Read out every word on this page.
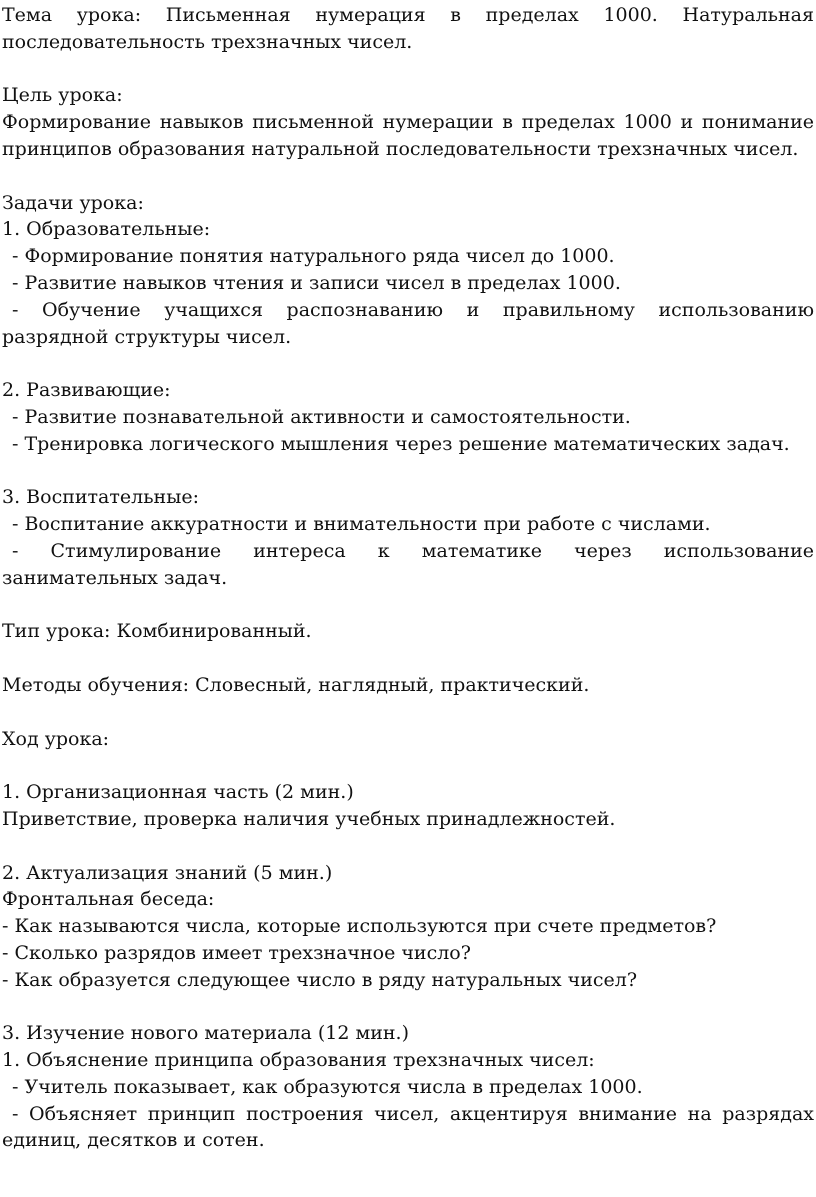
Тема урока: Письменная нумерация в пределах 1000. Натуральная последовательность трехзначных чисел.

Цель урока:

Формирование навыков письменной нумерации в пределах 1000 и понимание принципов образования натуральной последовательности трехзначных чисел.

Задачи урока:

1. Образовательные:

- Формирование понятия натурального ряда чисел до 1000.

- Развитие навыков чтения и записи чисел в пределах 1000.

- Обучение учащихся распознаванию и правильному использованию разрядной структуры чисел.

2. Развивающие:

- Развитие познавательной активности и самостоятельности.

- Тренировка логического мышления через решение математических задач.

3. Воспитательные:

- Воспитание аккуратности и внимательности при работе с числами.

- Стимулирование интереса к математике через использование занимательных задач.

Тип урока: Комбинированный.

Методы обучения: Словесный, наглядный, практический.

Ход урока:

1. Организационная часть (2 мин.)

Приветствие, проверка наличия учебных принадлежностей.

2. Актуализация знаний (5 мин.)

Фронтальная беседа:

- Как называются числа, которые используются при счете предметов?

- Сколько разрядов имеет трехзначное число?

- Как образуется следующее число в ряду натуральных чисел?

3. Изучение нового материала (12 мин.)

1. Объяснение принципа образования трехзначных чисел:

- Учитель показывает, как образуются числа в пределах 1000.

- Объясняет принцип построения чисел, акцентируя внимание на разрядах единиц, десятков и сотен.
